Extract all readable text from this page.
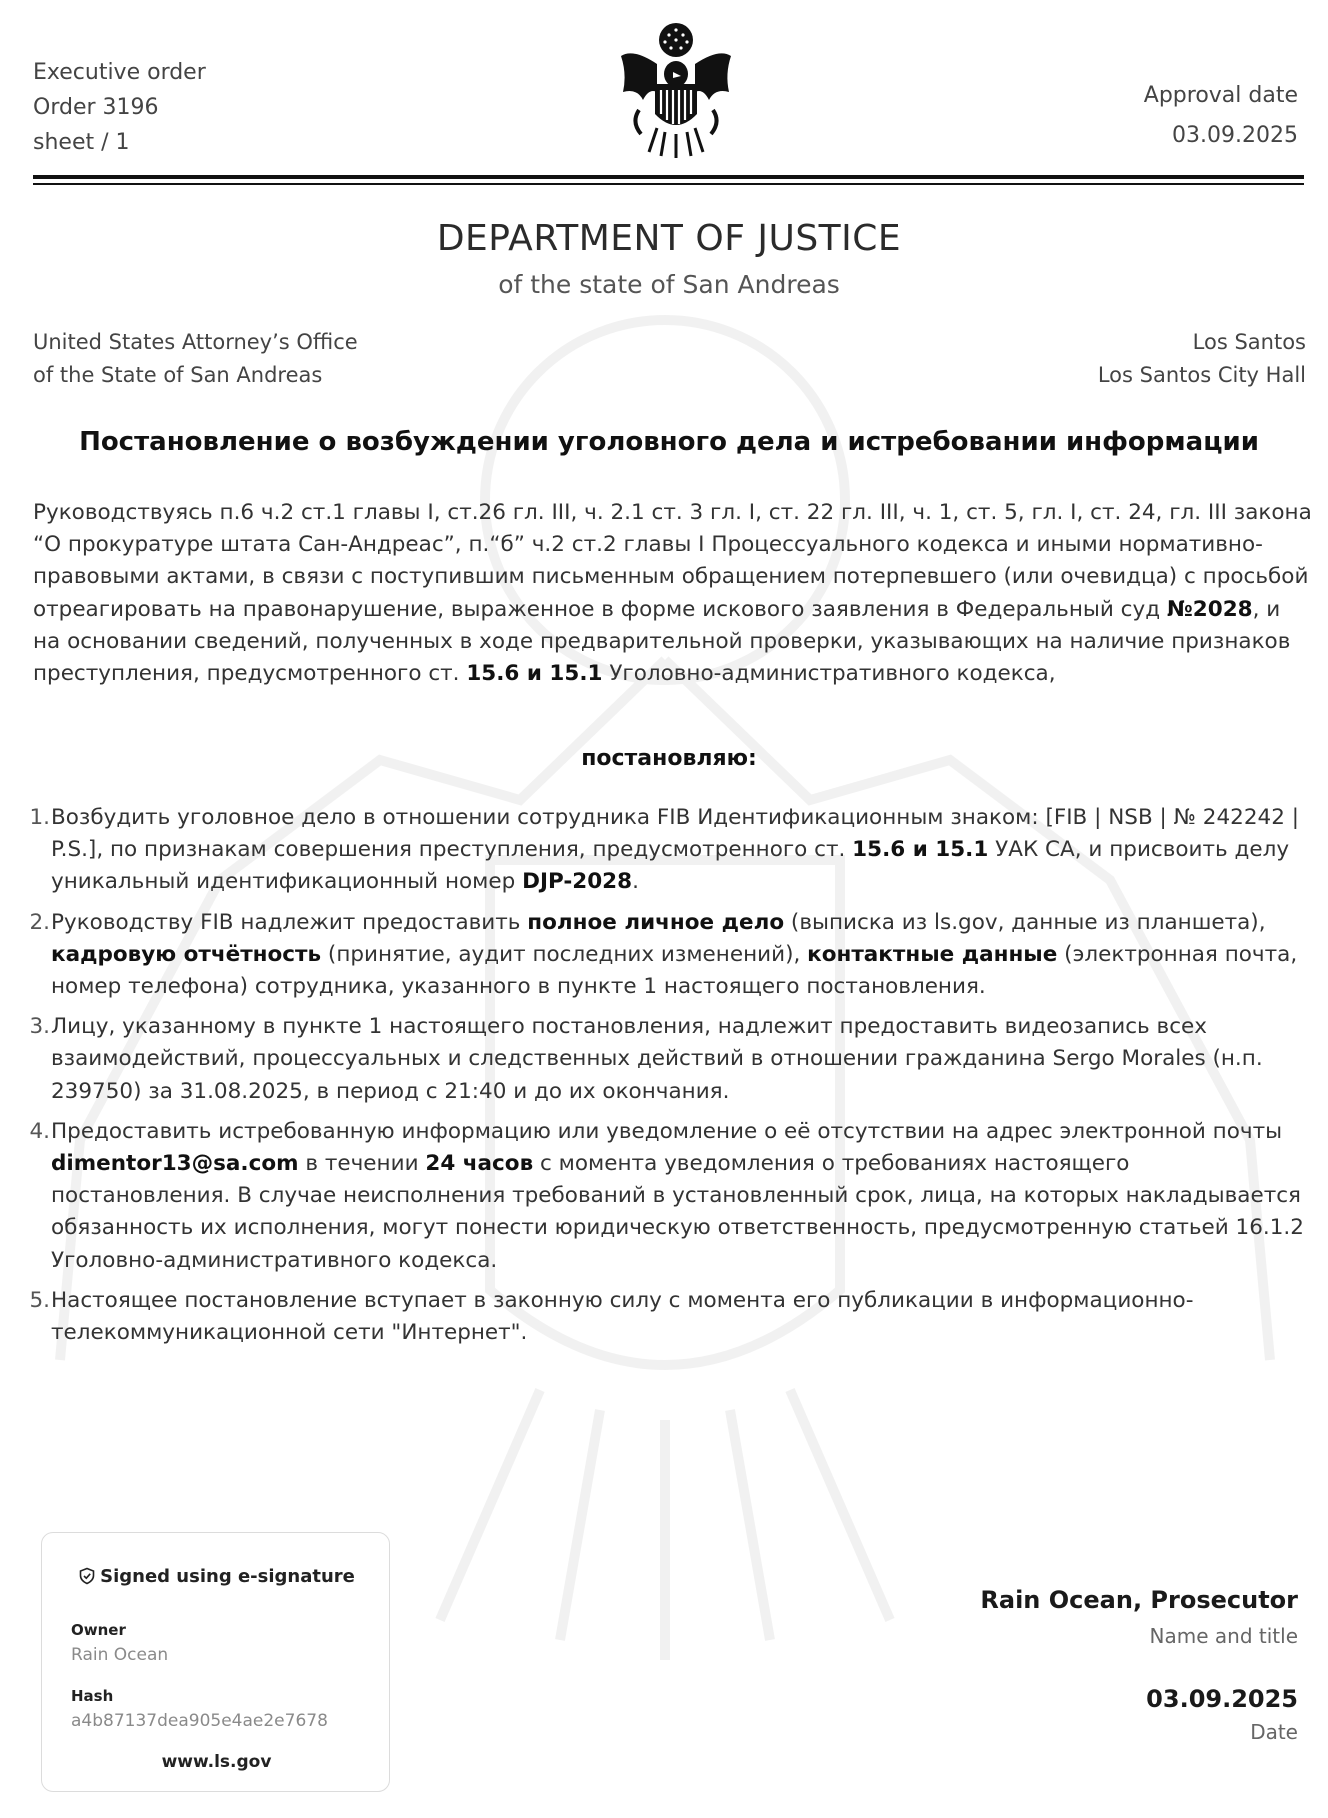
Executive order
Order 3196
sheet / 1
Approval date
03.09.2025
DEPARTMENT OF JUSTICE
of the state of San Andreas
United States Attorney’s Office
of the State of San Andreas
Los Santos
Los Santos City Hall
Постановление о возбуждении уголовного дела и истребовании информации
Руководствуясь п.6 ч.2 ст.1 главы I, ст.26 гл. III, ч. 2.1 ст. 3 гл. I, ст. 22 гл. III, ч. 1, ст. 5, гл. I, ст. 24, гл. III закона “О прокуратуре штата Сан-Андреас”, п.“б” ч.2 ст.2 главы I Процессуального кодекса и иными нормативно-правовыми актами, в связи с поступившим письменным обращением потерпевшего (или очевидца) с просьбой отреагировать на правонарушение, выраженное в форме искового заявления в Федеральный суд №2028, и на основании сведений, полученных в ходе предварительной проверки, указывающих на наличие признаков преступления, предусмотренного ст. 15.6 и 15.1 Уголовно-административного кодекса,
постановляю:
1. Возбудить уголовное дело в отношении сотрудника FIB Идентификационным знаком: [FIB | NSB | № 242242 | P.S.], по признакам совершения преступления, предусмотренного ст. 15.6 и 15.1 УАК СА, и присвоить делу уникальный идентификационный номер DJP-2028.
2. Руководству FIB надлежит предоставить полное личное дело (выписка из ls.gov, данные из планшета), кадровую отчётность (принятие, аудит последних изменений), контактные данные (электронная почта, номер телефона) сотрудника, указанного в пункте 1 настоящего постановления.
3. Лицу, указанному в пункте 1 настоящего постановления, надлежит предоставить видеозапись всех взаимодействий, процессуальных и следственных действий в отношении гражданина Sergo Morales (н.п. 239750) за 31.08.2025, в период с 21:40 и до их окончания.
4. Предоставить истребованную информацию или уведомление о её отсутствии на адрес электронной почты dimentor13@sa.com в течении 24 часов с момента уведомления о требованиях настоящего постановления. В случае неисполнения требований в установленный срок, лица, на которых накладывается обязанность их исполнения, могут понести юридическую ответственность, предусмотренную статьей 16.1.2 Уголовно-административного кодекса.
5. Настоящее постановление вступает в законную силу с момента его публикации в информационно-телекоммуникационной сети "Интернет".
Signed using e-signature
Owner
Rain Ocean
Hash
a4b87137dea905e4ae2e7678
www.ls.gov
Rain Ocean, Prosecutor
Name and title
03.09.2025
Date
